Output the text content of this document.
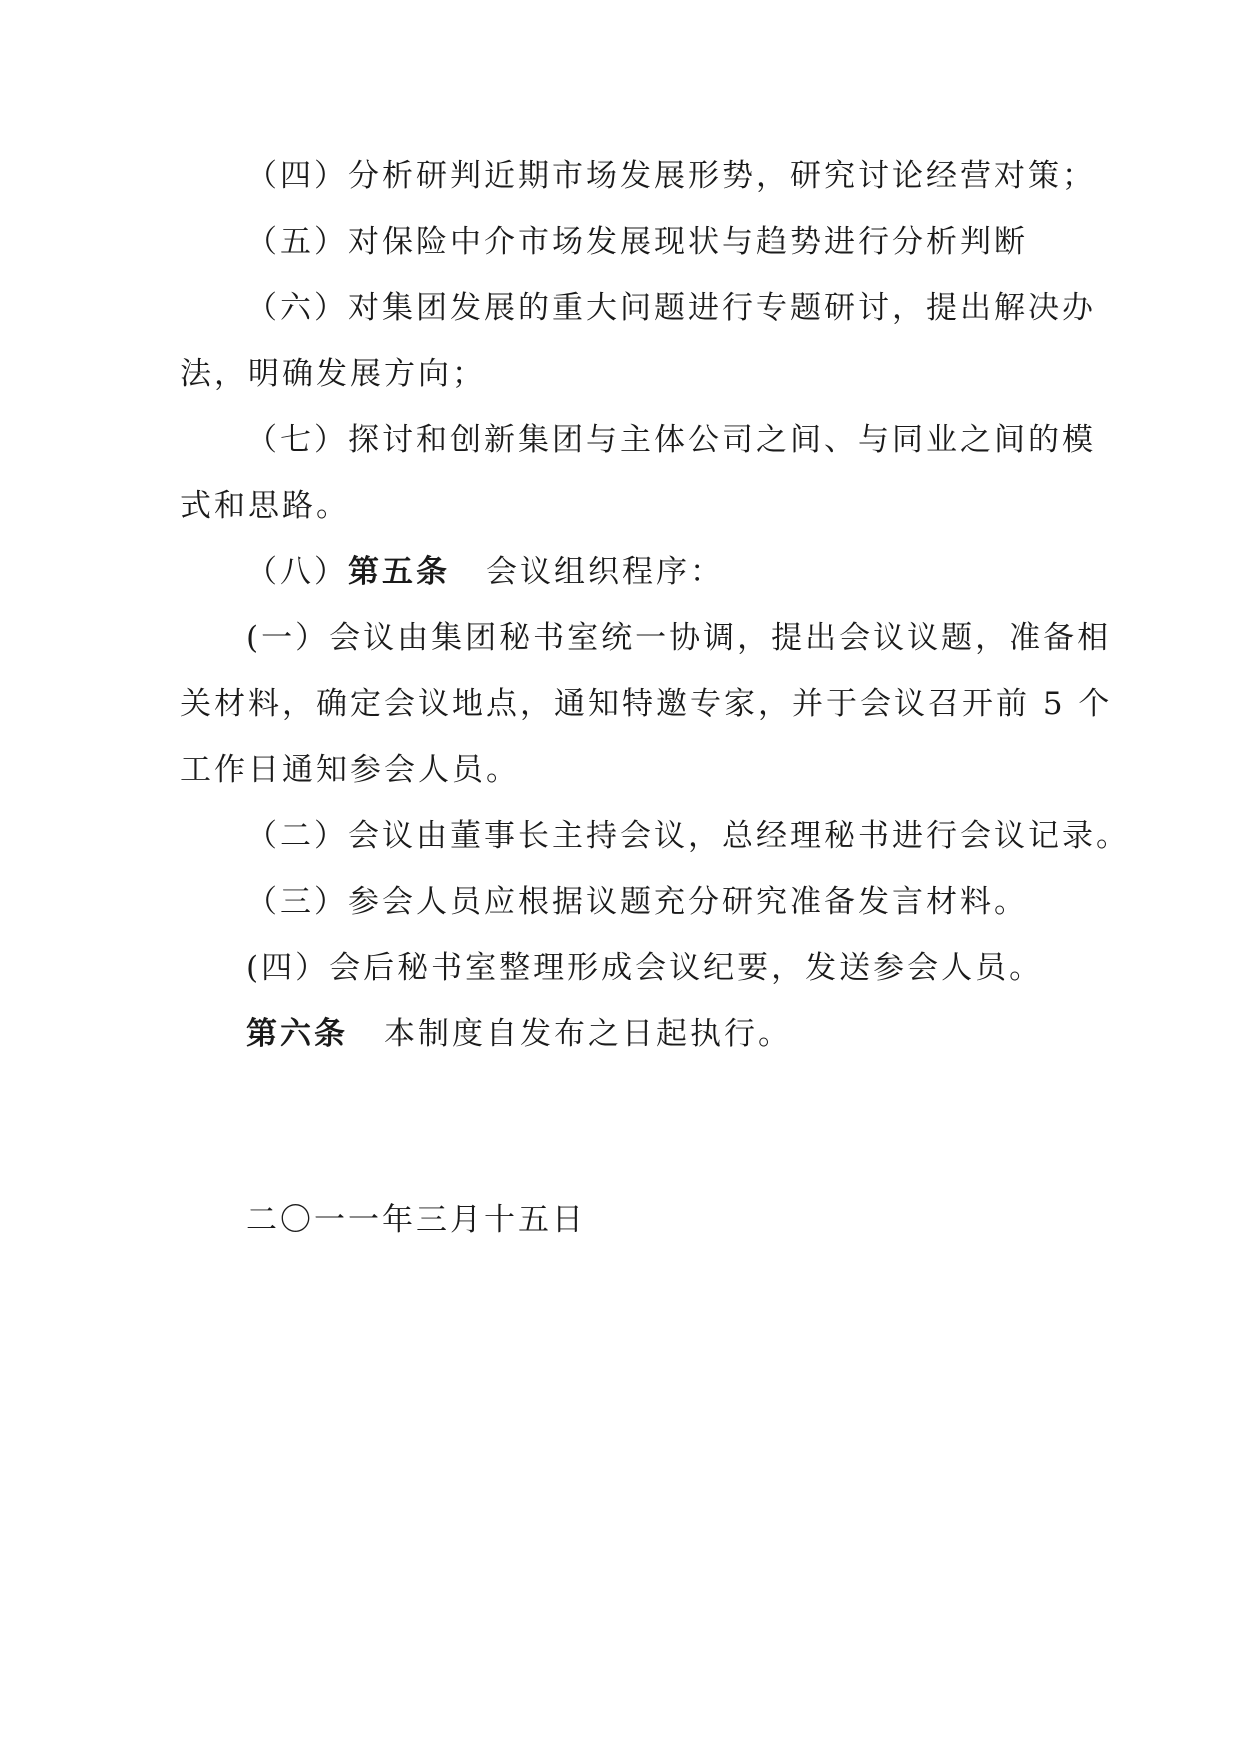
（四）分析研判近期市场发展形势，研究讨论经营对策；
（五）对保险中介市场发展现状与趋势进行分析判断
（六）对集团发展的重大问题进行专题研讨，提出解决办
法，明确发展方向；
（七）探讨和创新集团与主体公司之间、与同业之间的模
式和思路。
（八）第五条 会议组织程序：
(一）会议由集团秘书室统一协调，提出会议议题，准备相
关材料，确定会议地点，通知特邀专家，并于会议召开前 5 个
工作日通知参会人员。
（二）会议由董事长主持会议，总经理秘书进行会议记录。
（三）参会人员应根据议题充分研究准备发言材料。
(四）会后秘书室整理形成会议纪要，发送参会人员。
第六条 本制度自发布之日起执行。
二〇一一年三月十五日
